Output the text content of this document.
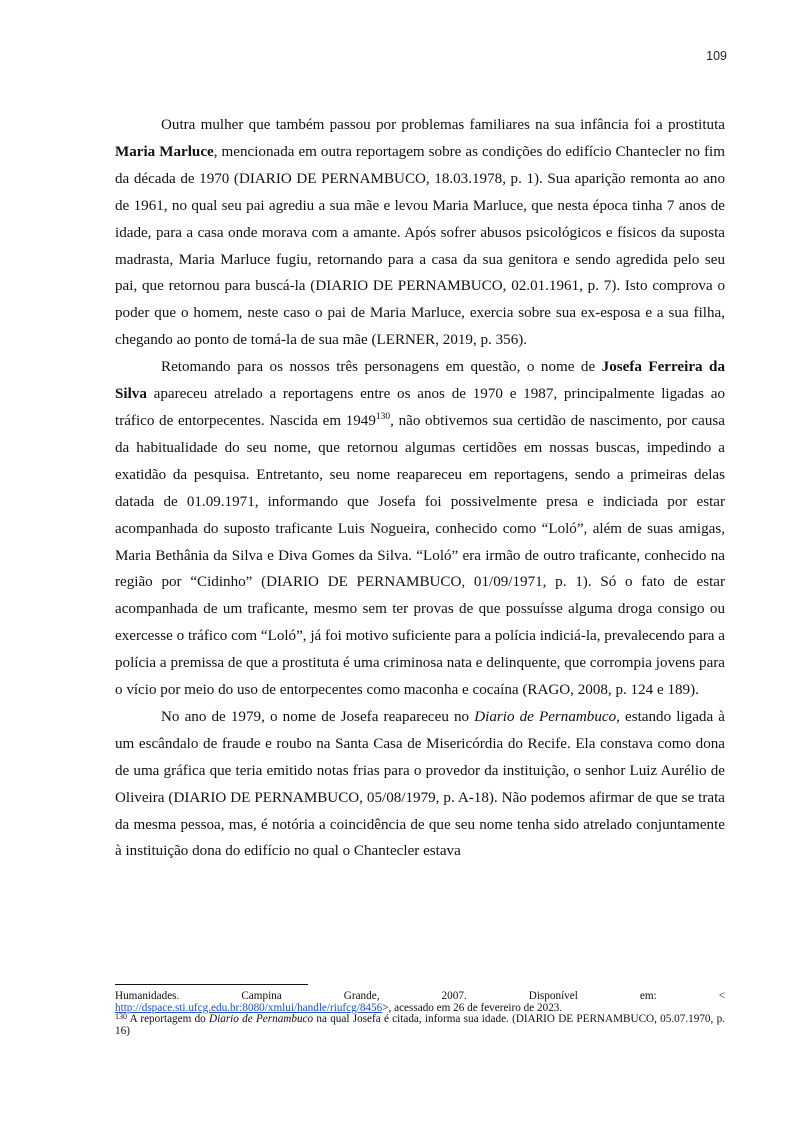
109

Outra mulher que também passou por problemas familiares na sua infância foi a prostituta Maria Marluce, mencionada em outra reportagem sobre as condições do edifício Chantecler no fim da década de 1970 (DIARIO DE PERNAMBUCO, 18.03.1978, p. 1). Sua aparição remonta ao ano de 1961, no qual seu pai agrediu a sua mãe e levou Maria Marluce, que nesta época tinha 7 anos de idade, para a casa onde morava com a amante. Após sofrer abusos psicológicos e físicos da suposta madrasta, Maria Marluce fugiu, retornando para a casa da sua genitora e sendo agredida pelo seu pai, que retornou para buscá-la (DIARIO DE PERNAMBUCO, 02.01.1961, p. 7). Isto comprova o poder que o homem, neste caso o pai de Maria Marluce, exercia sobre sua ex-esposa e a sua filha, chegando ao ponto de tomá-la de sua mãe (LERNER, 2019, p. 356).

Retomando para os nossos três personagens em questão, o nome de Josefa Ferreira da Silva apareceu atrelado a reportagens entre os anos de 1970 e 1987, principalmente ligadas ao tráfico de entorpecentes. Nascida em 1949$^{130}$, não obtivemos sua certidão de nascimento, por causa da habitualidade do seu nome, que retornou algumas certidões em nossas buscas, impedindo a exatidão da pesquisa. Entretanto, seu nome reapareceu em reportagens, sendo a primeiras delas datada de 01.09.1971, informando que Josefa foi possivelmente presa e indiciada por estar acompanhada do suposto traficante Luis Nogueira, conhecido como “Loló”, além de suas amigas, Maria Bethânia da Silva e Diva Gomes da Silva. “Loló” era irmão de outro traficante, conhecido na região por “Cidinho” (DIARIO DE PERNAMBUCO, 01/09/1971, p. 1). Só o fato de estar acompanhada de um traficante, mesmo sem ter provas de que possuísse alguma droga consigo ou exercesse o tráfico com “Loló”, já foi motivo suficiente para a polícia indiciá-la, prevalecendo para a polícia a premissa de que a prostituta é uma criminosa nata e delinquente, que corrompia jovens para o vício por meio do uso de entorpecentes como maconha e cocaína (RAGO, 2008, p. 124 e 189).

No ano de 1979, o nome de Josefa reapareceu no Diario de Pernambuco, estando ligada à um escândalo de fraude e roubo na Santa Casa de Misericórdia do Recife. Ela constava como dona de uma gráfica que teria emitido notas frias para o provedor da instituição, o senhor Luiz Aurélio de Oliveira (DIARIO DE PERNAMBUCO, 05/08/1979, p. A-18). Não podemos afirmar de que se trata da mesma pessoa, mas, é notória a coincidência de que seu nome tenha sido atrelado conjuntamente à instituição dona do edifício no qual o Chantecler estava

Humanidades. Campina Grande, 2007. Disponível em: <
http://dspace.sti.ufcg.edu.br:8080/xmlui/handle/riufcg/8456>, acessado em 26 de fevereiro de 2023.
$^{130}$ A reportagem do Diario de Pernambuco na qual Josefa é citada, informa sua idade. (DIARIO DE PERNAMBUCO, 05.07.1970, p. 16)
